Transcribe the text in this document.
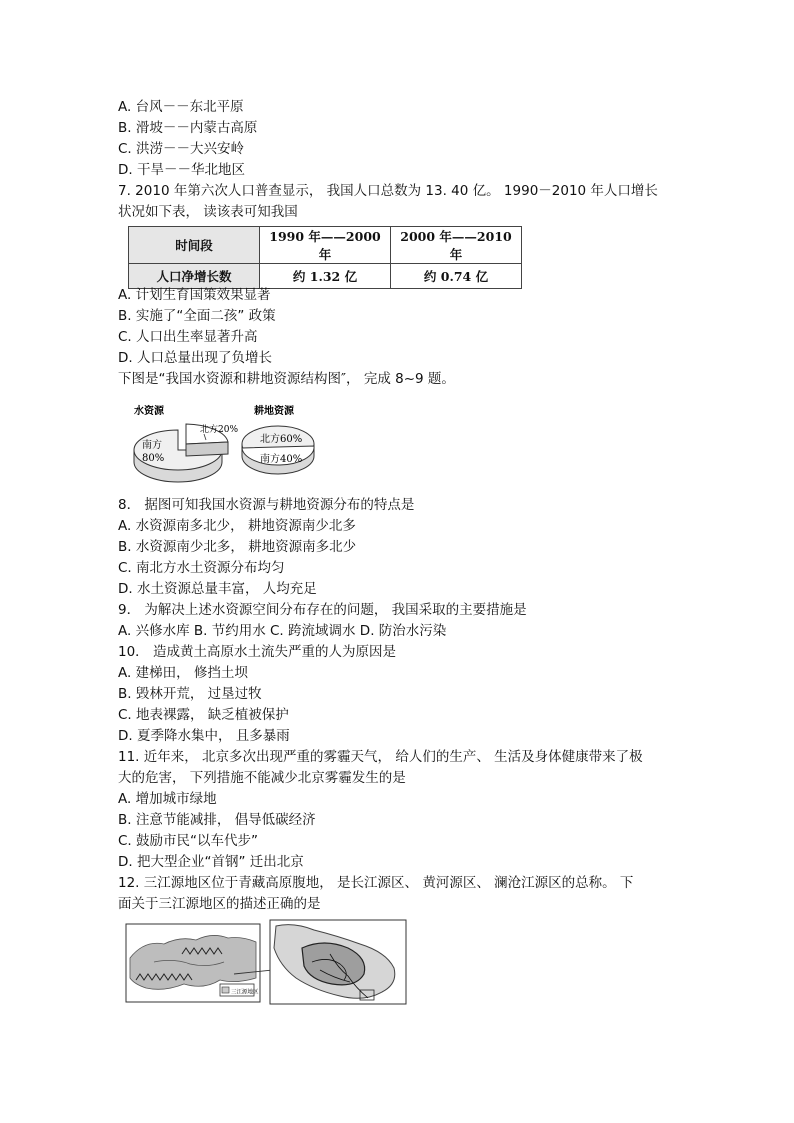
A. 台风－－东北平原
B. 滑坡－－内蒙古高原
C. 洪涝－－大兴安岭
D. 干旱－－华北地区
7. 2010 年第六次人口普查显示， 我国人口总数为 13. 40 亿。 1990－2010 年人口增长
状况如下表， 读该表可知我国
时间段	1990 年——2000 年	2000 年——2010 年
人口净增长数	约 1.32 亿	约 0.74 亿
A. 计划生育国策效果显著
B. 实施了“全面二孩” 政策
C. 人口出生率显著升高
D. 人口总量出现了负增长
下图是“我国水资源和耕地资源结构图″， 完成 8~9 题。
水资源
南方
80%
北方20%
耕地资源
北方60%
南方40%
8． 据图可知我国水资源与耕地资源分布的特点是
A. 水资源南多北少， 耕地资源南少北多
B. 水资源南少北多， 耕地资源南多北少
C. 南北方水土资源分布均匀
D. 水土资源总量丰富， 人均充足
9． 为解决上述水资源空间分布存在的问题， 我国采取的主要措施是
A. 兴修水库 B. 节约用水 C. 跨流域调水 D. 防治水污染
10． 造成黄土高原水土流失严重的人为原因是
A. 建梯田， 修挡土坝
B. 毁林开荒， 过垦过牧
C. 地表裸露， 缺乏植被保护
D. 夏季降水集中， 且多暴雨
11. 近年来， 北京多次出现严重的雾霾天气， 给人们的生产、 生活及身体健康带来了极
大的危害， 下列措施不能减少北京雾霾发生的是
A. 增加城市绿地
B. 注意节能减排， 倡导低碳经济
C. 鼓励市民“以车代步”
D. 把大型企业“首钢” 迁出北京
12. 三江源地区位于青藏高原腹地， 是长江源区、 黄河源区、 澜沧江源区的总称。 下
面关于三江源地区的描述正确的是
三江源地区
